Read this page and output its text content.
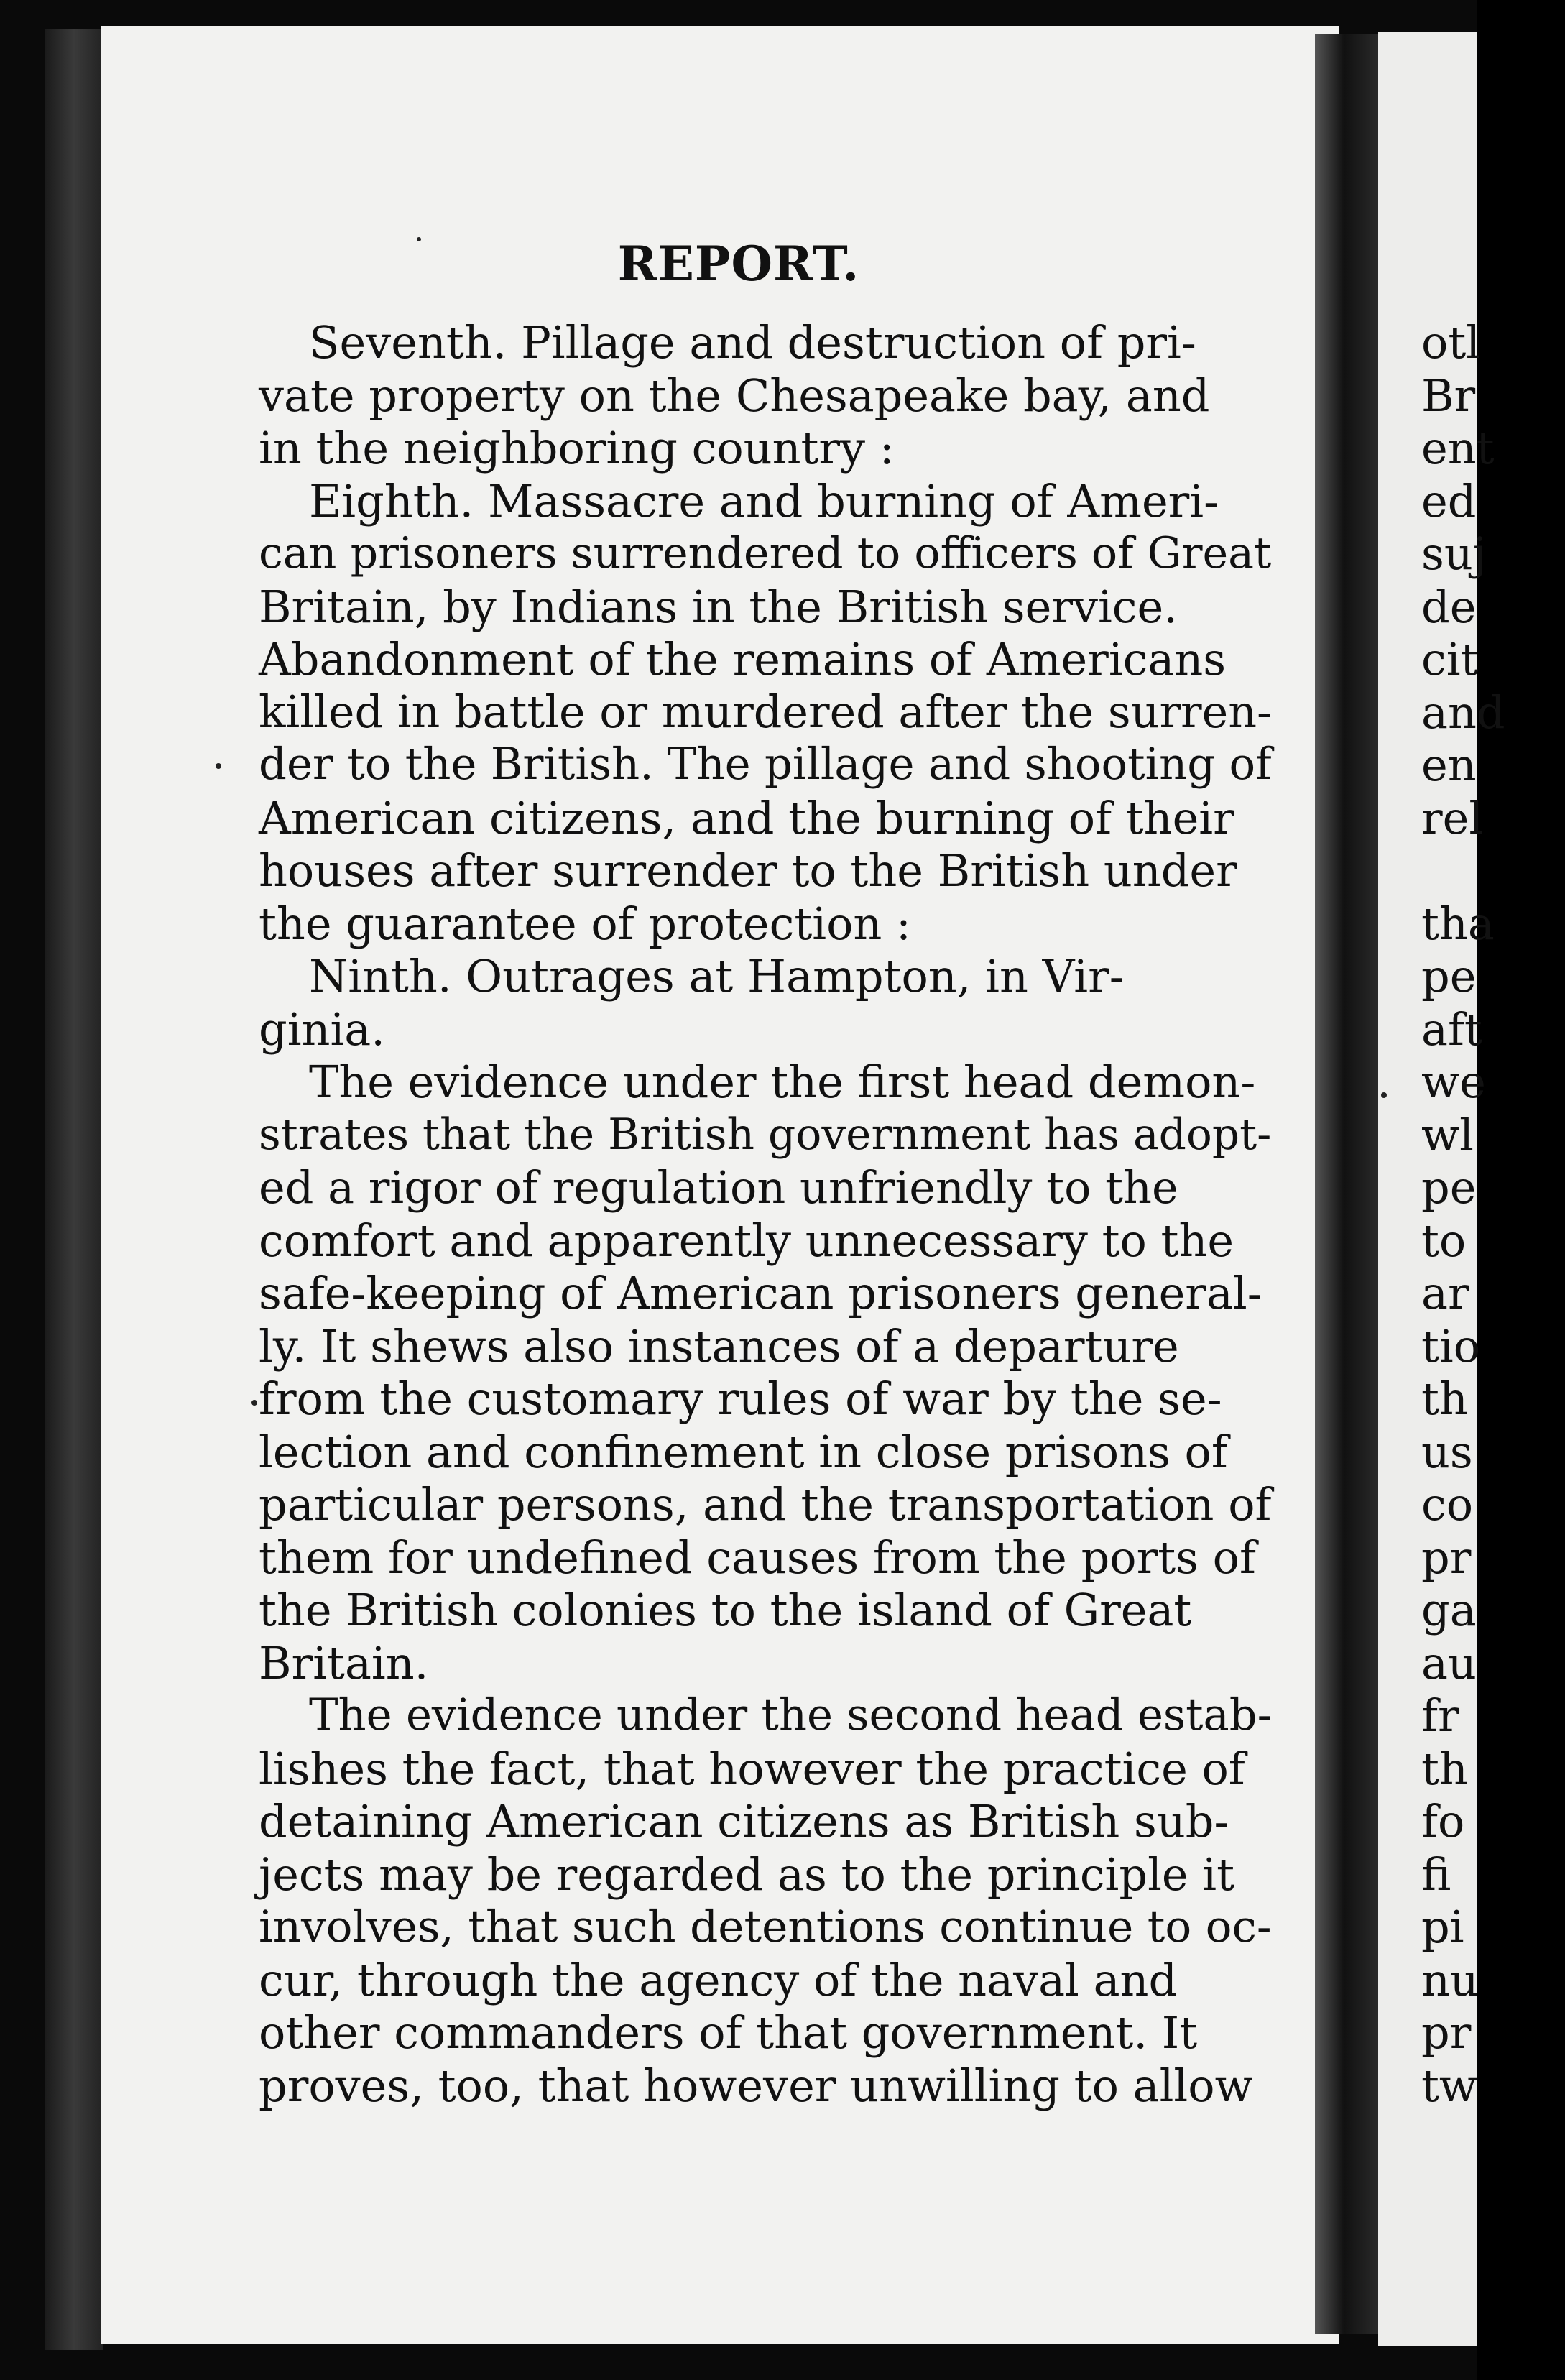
REPORT.
Seventh. Pillage and destruction of pri-
vate property on the Chesapeake bay, and
in the neighboring country :
Eighth. Massacre and burning of Ameri-
can prisoners surrendered to officers of Great
Britain, by Indians in the British service.
Abandonment of the remains of Americans
killed in battle or murdered after the surren-
der to the British. The pillage and shooting of
American citizens, and the burning of their
houses after surrender to the British under
the guarantee of protection :
Ninth. Outrages at Hampton, in Vir-
ginia.
The evidence under the first head demon-
strates that the British government has adopt-
ed a rigor of regulation unfriendly to the
comfort and apparently unnecessary to the
safe-keeping of American prisoners general-
ly. It shews also instances of a departure
from the customary rules of war by the se-
lection and confinement in close prisons of
particular persons, and the transportation of
them for undefined causes from the ports of
the British colonies to the island of Great
Britain.
The evidence under the second head estab-
lishes the fact, that however the practice of
detaining American citizens as British sub-
jects may be regarded as to the principle it
involves, that such detentions continue to oc-
cur, through the agency of the naval and
other commanders of that government. It
proves, too, that however unwilling to allow
otl
Br
ent
ed
suj
de
cit
and
en
rel
tha
pe
aft
we
wl
pe
to
ar
tio
th
us
co
pr
ga
au
fr
th
fo
fi
pi
nu
pr
tw
